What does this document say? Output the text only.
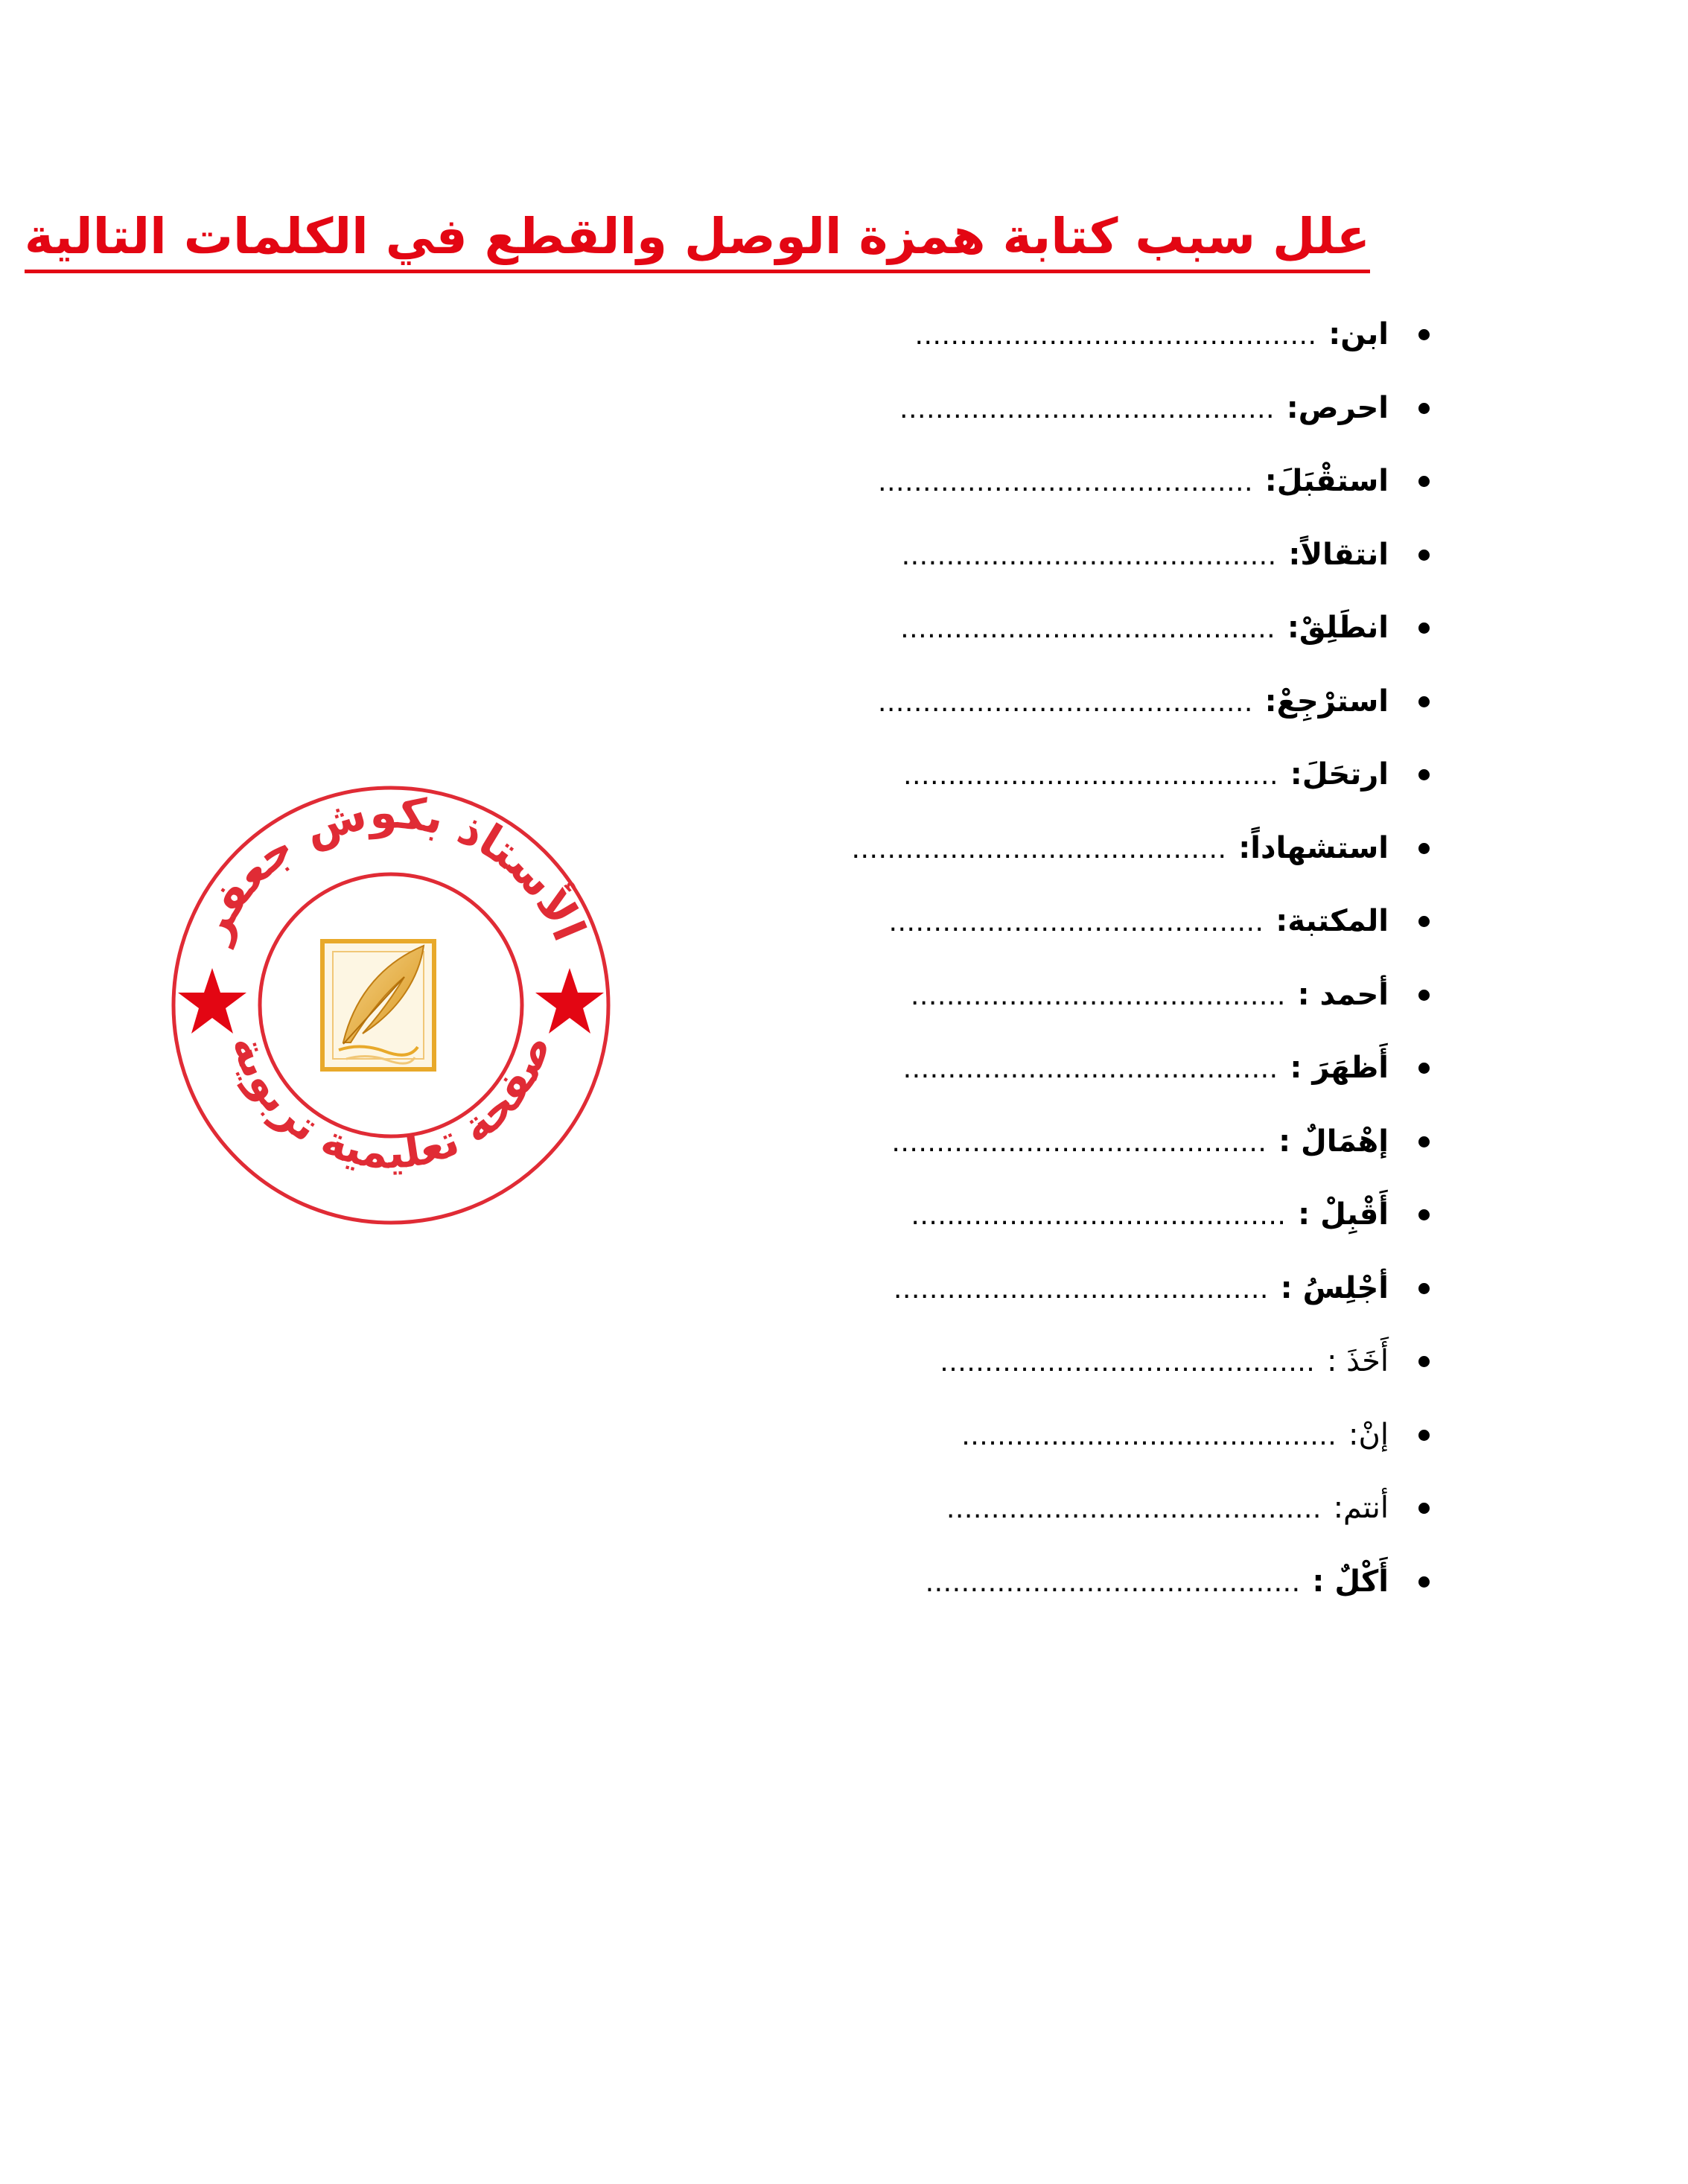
علل سبب كتابة همزة الوصل والقطع في الكلمات التالية
ابن:………………………………………
احرص:……………………………………
استقْبَلَ:……………………………………
انتقالاً:……………………………………
انطَلِقْ:……………………………………
استرْجِعْ:……………………………………
ارتحَلَ:……………………………………
استشهاداً:……………………………………
المكتبة:……………………………………
أحمد :……………………………………
أَظهَرَ :……………………………………
إهْمَالٌ :……………………………………
أَقْبِلْ :……………………………………
أجْلِسُ :……………………………………
أَخَذَ :……………………………………
إنْ:……………………………………
أنتم:……………………………………
أَكْلٌ :……………………………………
الأستاذ بكوش جعفر
صفحة تعليمية تربوية
